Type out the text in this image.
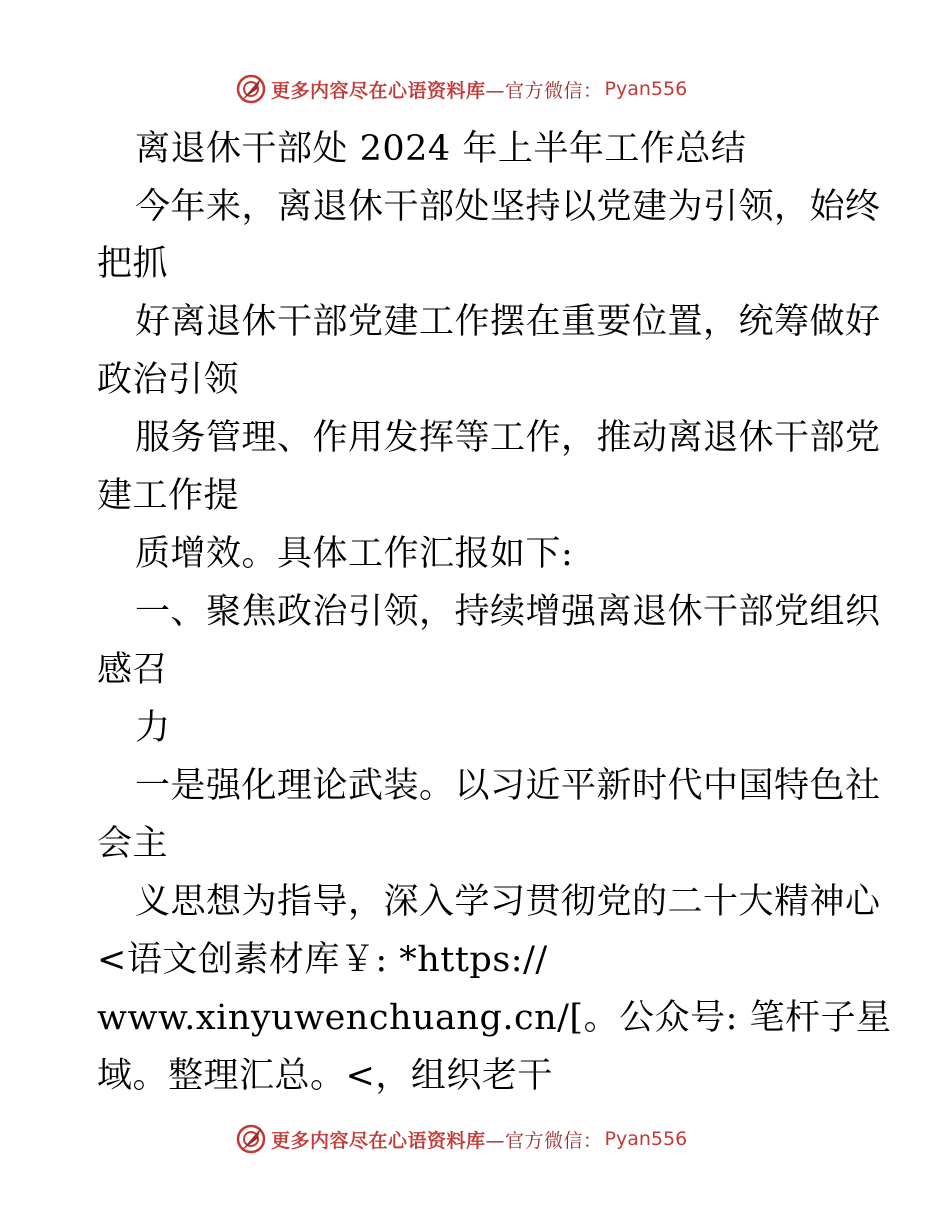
更多内容尽在心语资料库 —官方微信： Pyan556
离退休干部处 2024 年上半年工作总结
今年来，离退休干部处坚持以党建为引领，始终
把抓
好离退休干部党建工作摆在重要位置，统筹做好
政治引领
服务管理、作用发挥等工作，推动离退休干部党
建工作提
质增效。具体工作汇报如下:
一、聚焦政治引领，持续增强离退休干部党组织
感召
力
一是强化理论武装。以习近平新时代中国特色社
会主
义思想为指导，深入学习贯彻党的二十大精神心
<语文创素材库￥: *https://
www.xinyuwenchuang.cn/[。公众号: 笔杆子星
域。整理汇总。<，组织老干
更多内容尽在心语资料库 —官方微信： Pyan556
